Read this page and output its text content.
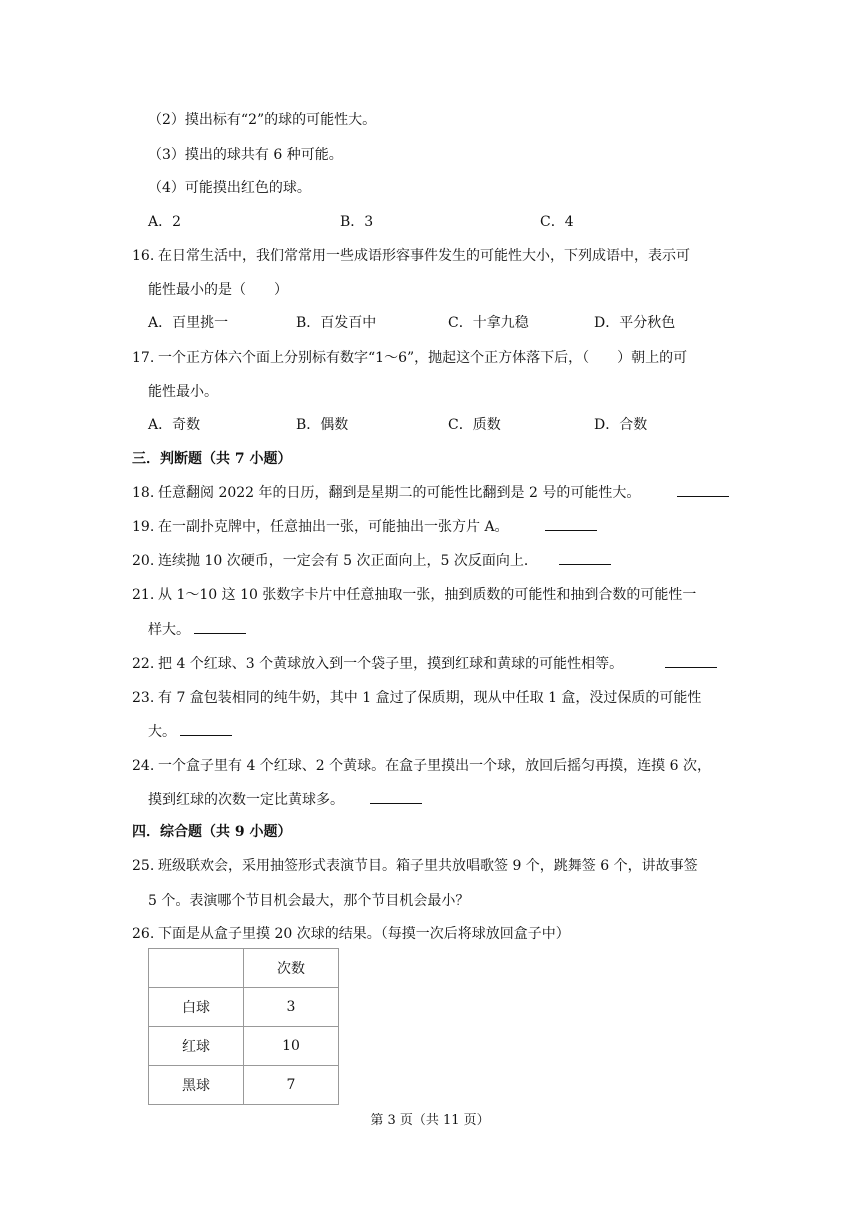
（2）摸出标有“2”的球的可能性大。
（3）摸出的球共有 6 种可能。
（4）可能摸出红色的球。
A．2	B．3	C．4
16. 在日常生活中，我们常常用一些成语形容事件发生的可能性大小，下列成语中，表示可
能性最小的是（　　）
A．百里挑一	B．百发百中	C．十拿九稳	D．平分秋色
17. 一个正方体六个面上分别标有数字“1～6”，抛起这个正方体落下后，（　　）朝上的可
能性最小。
A．奇数	B．偶数	C．质数	D．合数
三．判断题（共 7 小题）
18. 任意翻阅 2022 年的日历，翻到是星期二的可能性比翻到是 2 号的可能性大。
19. 在一副扑克牌中，任意抽出一张，可能抽出一张方片 A。
20. 连续抛 10 次硬币，一定会有 5 次正面向上，5 次反面向上．
21. 从 1～10 这 10 张数字卡片中任意抽取一张，抽到质数的可能性和抽到合数的可能性一
样大。
22. 把 4 个红球、3 个黄球放入到一个袋子里，摸到红球和黄球的可能性相等。
23. 有 7 盒包装相同的纯牛奶，其中 1 盒过了保质期，现从中任取 1 盒，没过保质的可能性
大。
24. 一个盒子里有 4 个红球、2 个黄球。在盒子里摸出一个球，放回后摇匀再摸，连摸 6 次，
摸到红球的次数一定比黄球多。
四．综合题（共 9 小题）
25. 班级联欢会，采用抽签形式表演节目。箱子里共放唱歌签 9 个，跳舞签 6 个，讲故事签
5 个。表演哪个节目机会最大，那个节目机会最小？
26. 下面是从盒子里摸 20 次球的结果。（每摸一次后将球放回盒子中）
	次数
白球	3
红球	10
黑球	7
第 3 页（共 11 页）
